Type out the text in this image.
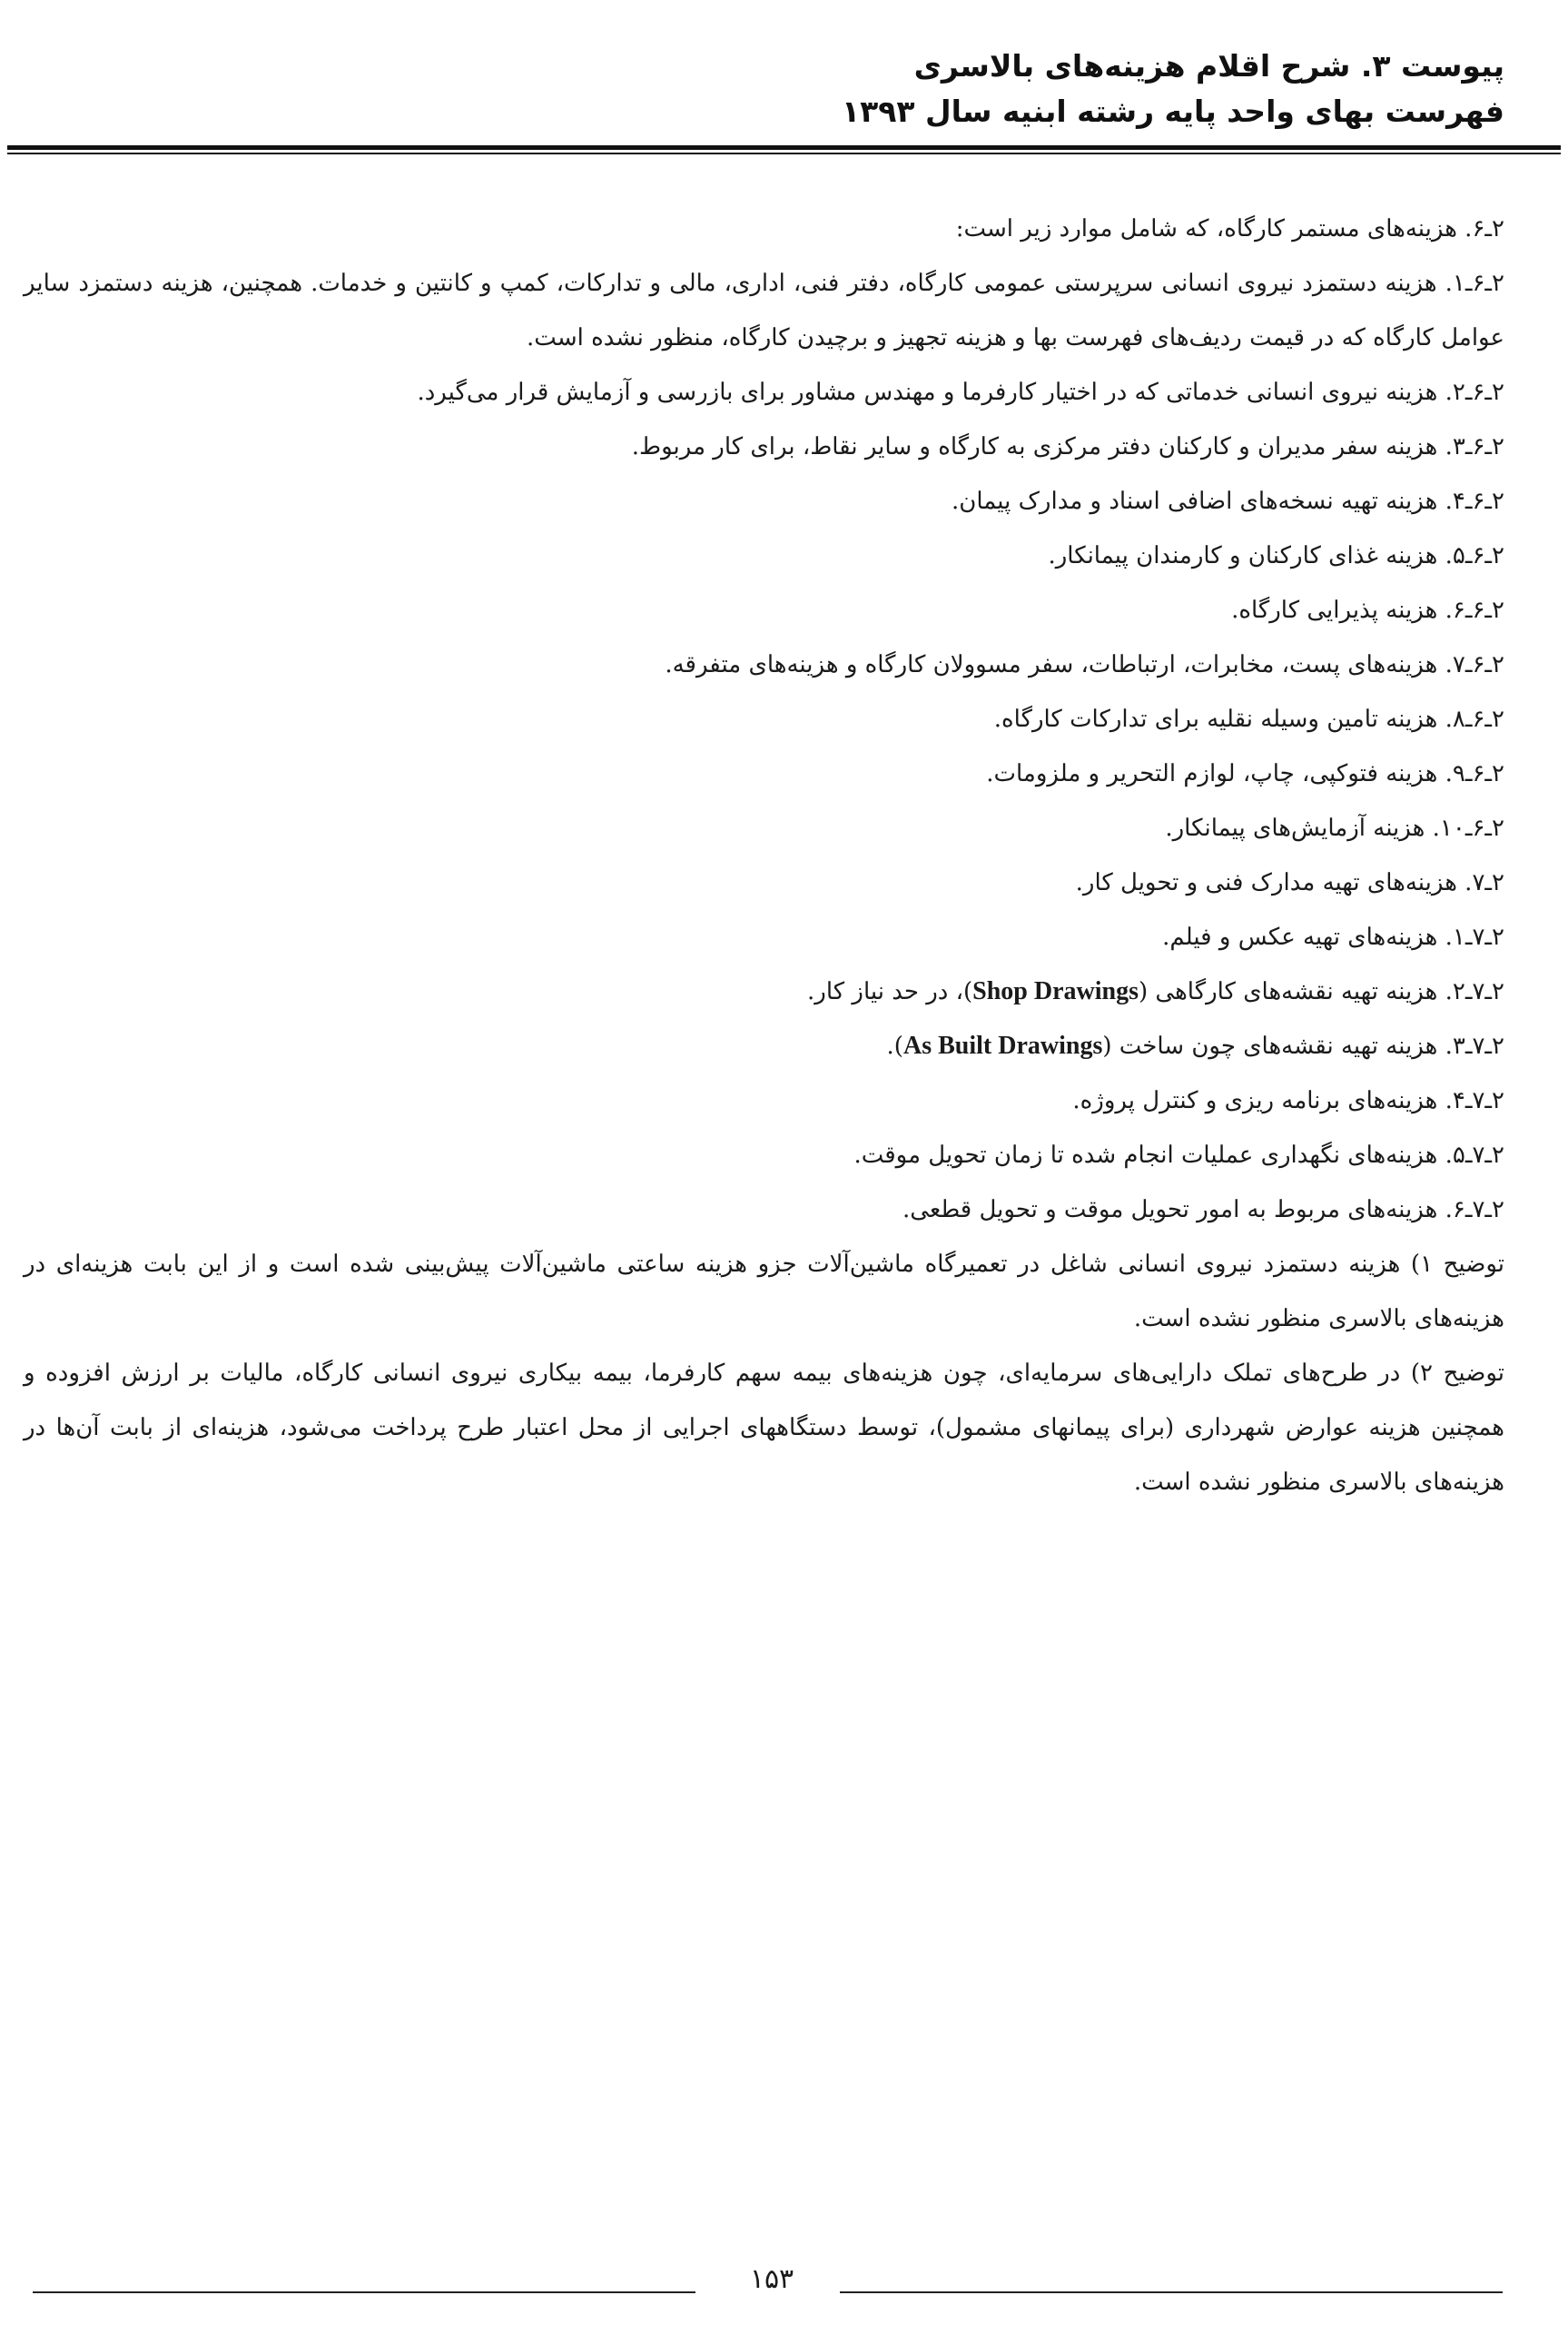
پیوست ۳. شرح اقلام هزینه‌های بالاسری
فهرست بهای واحد پایه رشته ابنیه سال ۱۳۹۳

۲ـ۶. هزینه‌های مستمر کارگاه، که شامل موارد زیر است:

۲ـ۶ـ۱. هزینه دستمزد نیروی انسانی سرپرستی عمومی کارگاه، دفتر فنی، اداری، مالی و تدارکات، کمپ و کانتین و خدمات. همچنین، هزینه دستمزد سایر عوامل کارگاه که در قیمت ردیف‌های فهرست بها و هزینه تجهیز و برچیدن کارگاه، منظور نشده است.

۲ـ۶ـ۲. هزینه نیروی انسانی خدماتی که در اختیار کارفرما و مهندس مشاور برای بازرسی و آزمایش قرار می‌گیرد.

۲ـ۶ـ۳. هزینه سفر مدیران و کارکنان دفتر مرکزی به کارگاه و سایر نقاط، برای کار مربوط.

۲ـ۶ـ۴. هزینه تهیه نسخه‌های اضافی اسناد و مدارک پیمان.

۲ـ۶ـ۵. هزینه غذای کارکنان و کارمندان پیمانکار.

۲ـ۶ـ۶. هزینه پذیرایی کارگاه.

۲ـ۶ـ۷. هزینه‌های پست، مخابرات، ارتباطات، سفر مسوولان کارگاه و هزینه‌های متفرقه.

۲ـ۶ـ۸. هزینه تامین وسیله نقلیه برای تدارکات کارگاه.

۲ـ۶ـ۹. هزینه فتوکپی، چاپ، لوازم التحریر و ملزومات.

۲ـ۶ـ۱۰. هزینه آزمایش‌های پیمانکار.

۲ـ۷. هزینه‌های تهیه مدارک فنی و تحویل کار.

۲ـ۷ـ۱. هزینه‌های تهیه عکس و فیلم.

۲ـ۷ـ۲. هزینه تهیه نقشه‌های کارگاهی (Shop Drawings)، در حد نیاز کار.

۲ـ۷ـ۳. هزینه تهیه نقشه‌های چون ساخت (As Built Drawings).

۲ـ۷ـ۴. هزینه‌های برنامه ریزی و کنترل پروژه.

۲ـ۷ـ۵. هزینه‌های نگهداری عملیات انجام شده تا زمان تحویل موقت.

۲ـ۷ـ۶. هزینه‌های مربوط به امور تحویل موقت و تحویل قطعی.

توضیح ۱) هزینه دستمزد نیروی انسانی شاغل در تعمیرگاه ماشین‌آلات جزو هزینه ساعتی ماشین‌آلات پیش‌بینی شده است و از این بابت هزینه‌ای در هزینه‌های بالاسری منظور نشده است.

توضیح ۲) در طرح‌های تملک دارایی‌های سرمایه‌ای، چون هزینه‌های بیمه سهم کارفرما، بیمه بیکاری نیروی انسانی کارگاه، مالیات بر ارزش افزوده و همچنین هزینه عوارض شهرداری (برای پیمانهای مشمول)، توسط دستگاههای اجرایی از محل اعتبار طرح پرداخت می‌شود، هزینه‌ای از بابت آن‌ها در هزینه‌های بالاسری منظور نشده است.

۱۵۳
